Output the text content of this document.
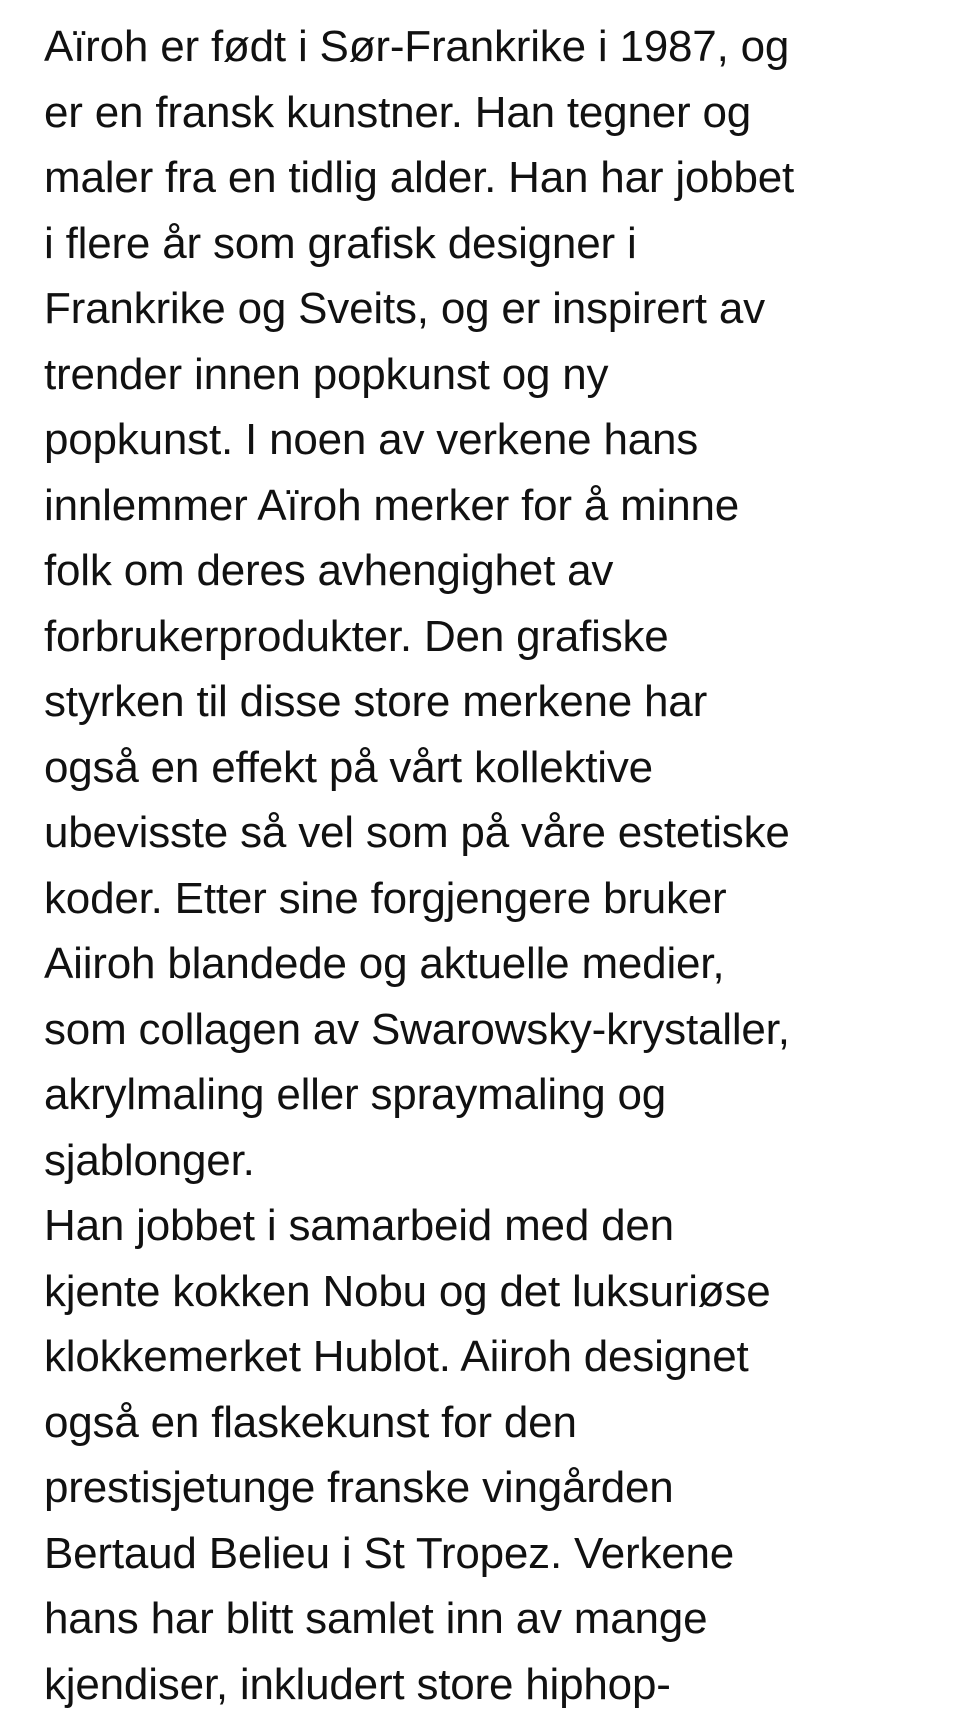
Aïroh er født i Sør-Frankrike i 1987, og
er en fransk kunstner. Han tegner og
maler fra en tidlig alder. Han har jobbet
i flere år som grafisk designer i
Frankrike og Sveits, og er inspirert av
trender innen popkunst og ny
popkunst. I noen av verkene hans
innlemmer Aïroh merker for å minne
folk om deres avhengighet av
forbrukerprodukter. Den grafiske
styrken til disse store merkene har
også en effekt på vårt kollektive
ubevisste så vel som på våre estetiske
koder. Etter sine forgjengere bruker
Aiiroh blandede og aktuelle medier,
som collagen av Swarowsky-krystaller,
akrylmaling eller spraymaling og
sjablonger.
Han jobbet i samarbeid med den
kjente kokken Nobu og det luksuriøse
klokkemerket Hublot. Aiiroh designet
også en flaskekunst for den
prestisjetunge franske vingården
Bertaud Belieu i St Tropez. Verkene
hans har blitt samlet inn av mange
kjendiser, inkludert store hiphop-
